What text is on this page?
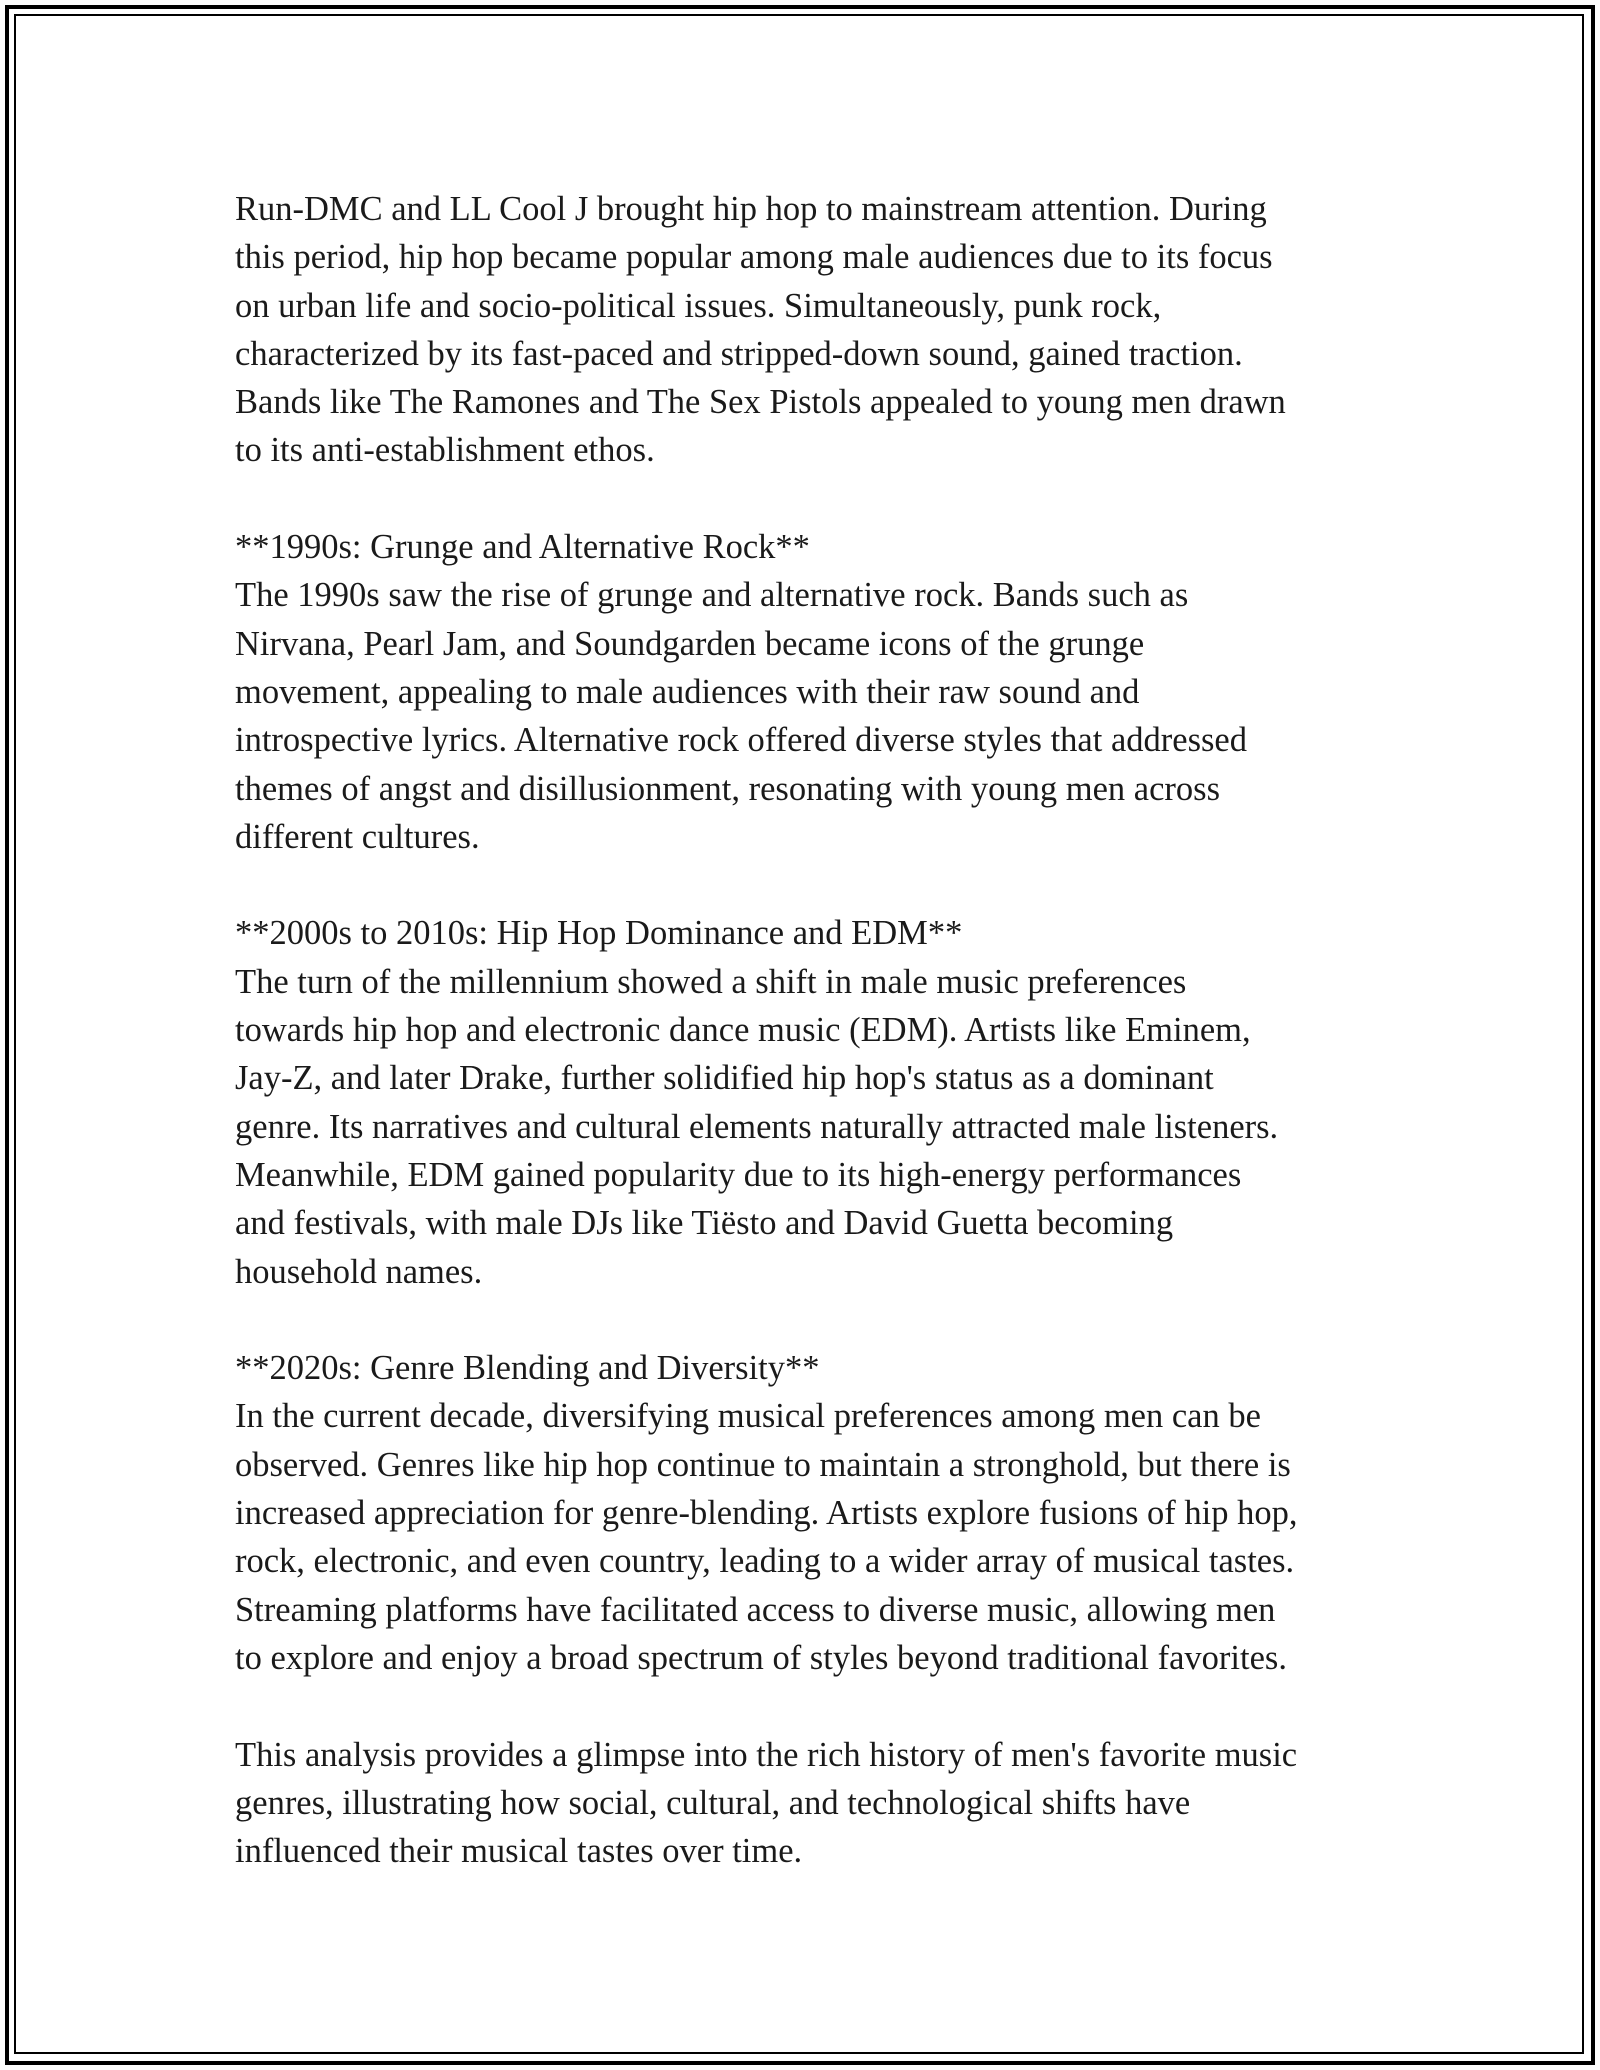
Run-DMC and LL Cool J brought hip hop to mainstream attention. During
this period, hip hop became popular among male audiences due to its focus
on urban life and socio-political issues. Simultaneously, punk rock,
characterized by its fast-paced and stripped-down sound, gained traction.
Bands like The Ramones and The Sex Pistols appealed to young men drawn
to its anti-establishment ethos.
**1990s: Grunge and Alternative Rock**
The 1990s saw the rise of grunge and alternative rock. Bands such as
Nirvana, Pearl Jam, and Soundgarden became icons of the grunge
movement, appealing to male audiences with their raw sound and
introspective lyrics. Alternative rock offered diverse styles that addressed
themes of angst and disillusionment, resonating with young men across
different cultures.
**2000s to 2010s: Hip Hop Dominance and EDM**
The turn of the millennium showed a shift in male music preferences
towards hip hop and electronic dance music (EDM). Artists like Eminem,
Jay-Z, and later Drake, further solidified hip hop's status as a dominant
genre. Its narratives and cultural elements naturally attracted male listeners.
Meanwhile, EDM gained popularity due to its high-energy performances
and festivals, with male DJs like Tiësto and David Guetta becoming
household names.
**2020s: Genre Blending and Diversity**
In the current decade, diversifying musical preferences among men can be
observed. Genres like hip hop continue to maintain a stronghold, but there is
increased appreciation for genre-blending. Artists explore fusions of hip hop,
rock, electronic, and even country, leading to a wider array of musical tastes.
Streaming platforms have facilitated access to diverse music, allowing men
to explore and enjoy a broad spectrum of styles beyond traditional favorites.
This analysis provides a glimpse into the rich history of men's favorite music
genres, illustrating how social, cultural, and technological shifts have
influenced their musical tastes over time.
